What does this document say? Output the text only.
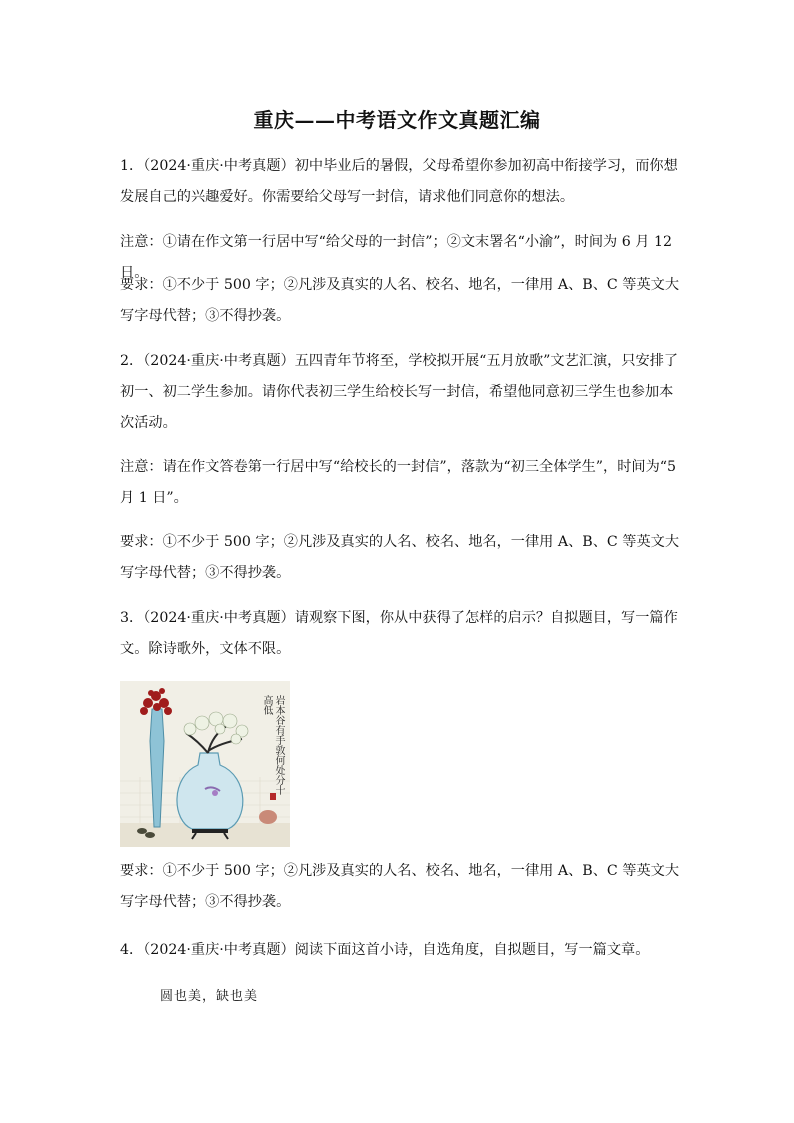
重庆——中考语文作文真题汇编

1．（2024·重庆·中考真题）初中毕业后的暑假，父母希望你参加初高中衔接学习，而你想发展自己的兴趣爱好。你需要给父母写一封信，请求他们同意你的想法。

注意：①请在作文第一行居中写“给父母的一封信”；②文末署名“小渝”，时间为 6 月 12 日。

要求：①不少于 500 字；②凡涉及真实的人名、校名、地名，一律用 A、B、C 等英文大写字母代替；③不得抄袭。

2．（2024·重庆·中考真题）五四青年节将至，学校拟开展“五月放歌”文艺汇演，只安排了初一、初二学生参加。请你代表初三学生给校长写一封信，希望他同意初三学生也参加本次活动。

注意：请在作文答卷第一行居中写“给校长的一封信”，落款为“初三全体学生”，时间为“5 月 1 日”。

要求：①不少于 500 字；②凡涉及真实的人名、校名、地名，一律用 A、B、C 等英文大写字母代替；③不得抄袭。

3．（2024·重庆·中考真题）请观察下图，你从中获得了怎样的启示？自拟题目，写一篇作文。除诗歌外，文体不限。

岩本谷有手敦何处分十高低

要求：①不少于 500 字；②凡涉及真实的人名、校名、地名，一律用 A、B、C 等英文大写字母代替；③不得抄袭。

4．（2024·重庆·中考真题）阅读下面这首小诗，自选角度，自拟题目，写一篇文章。

圆也美，缺也美
